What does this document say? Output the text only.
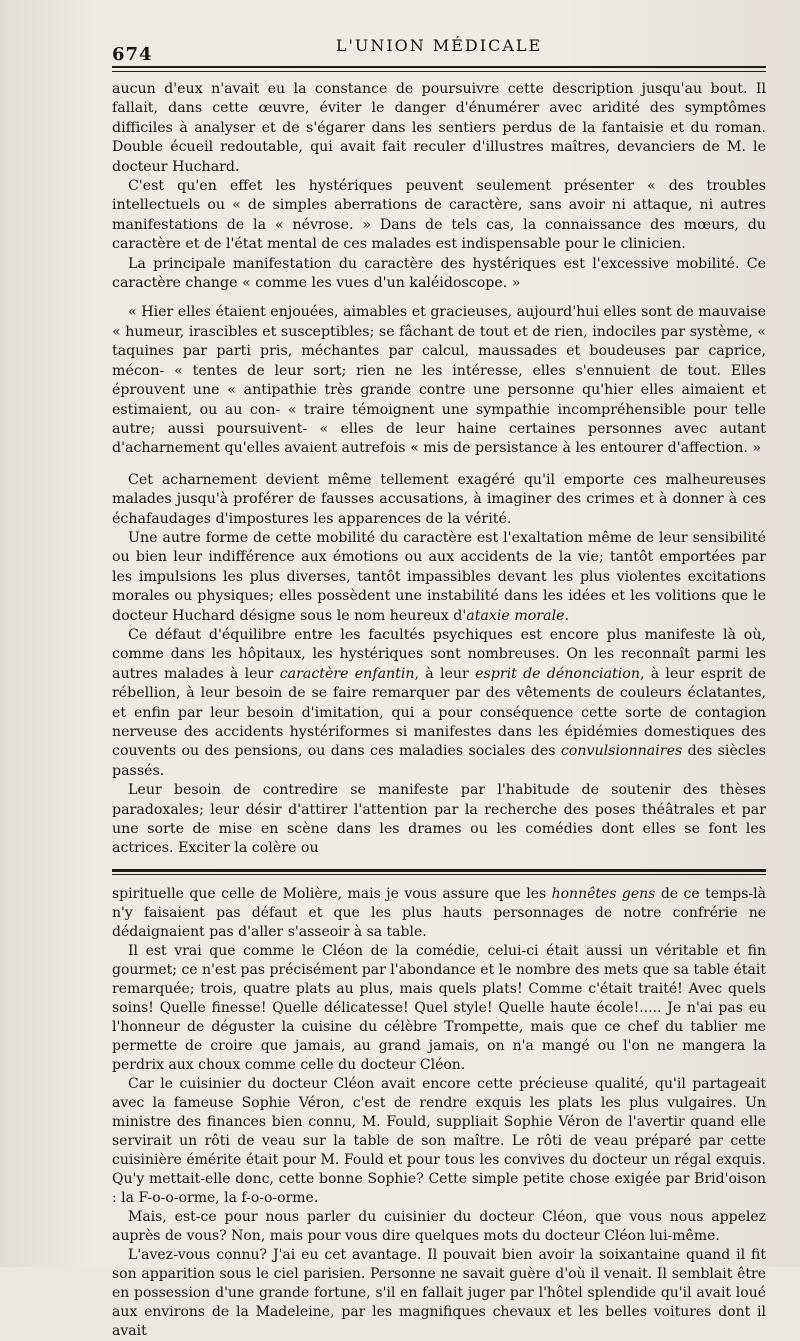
674	L'UNION MÉDICALE

aucun d'eux n'avait eu la constance de poursuivre cette description jusqu'au bout. Il fallait, dans cette œuvre, éviter le danger d'énumérer avec aridité des symptômes difficiles à analyser et de s'égarer dans les sentiers perdus de la fantaisie et du roman. Double écueil redoutable, qui avait fait reculer d'illustres maîtres, devanciers de M. le docteur Huchard.

C'est qu'en effet les hystériques peuvent seulement présenter « des troubles intellectuels ou « de simples aberrations de caractère, sans avoir ni attaque, ni autres manifestations de la « névrose. » Dans de tels cas, la connaissance des mœurs, du caractère et de l'état mental de ces malades est indispensable pour le clinicien.

La principale manifestation du caractère des hystériques est l'excessive mobilité. Ce caractère change « comme les vues d'un kaléidoscope. »

« Hier elles étaient enjouées, aimables et gracieuses, aujourd'hui elles sont de mauvaise « humeur, irascibles et susceptibles; se fâchant de tout et de rien, indociles par système, « taquines par parti pris, méchantes par calcul, maussades et boudeuses par caprice, mécon- « tentes de leur sort; rien ne les intéresse, elles s'ennuient de tout. Elles éprouvent une « antipathie très grande contre une personne qu'hier elles aimaient et estimaient, ou au con- « traire témoignent une sympathie incompréhensible pour telle autre; aussi poursuivent- « elles de leur haine certaines personnes avec autant d'acharnement qu'elles avaient autrefois « mis de persistance à les entourer d'affection. »

Cet acharnement devient même tellement exagéré qu'il emporte ces malheureuses malades jusqu'à proférer de fausses accusations, à imaginer des crimes et à donner à ces échafaudages d'impostures les apparences de la vérité.

Une autre forme de cette mobilité du caractère est l'exaltation même de leur sensibilité ou bien leur indifférence aux émotions ou aux accidents de la vie; tantôt emportées par les impulsions les plus diverses, tantôt impassibles devant les plus violentes excitations morales ou physiques; elles possèdent une instabilité dans les idées et les volitions que le docteur Huchard désigne sous le nom heureux d'ataxie morale.

Ce défaut d'équilibre entre les facultés psychiques est encore plus manifeste là où, comme dans les hôpitaux, les hystériques sont nombreuses. On les reconnaît parmi les autres malades à leur caractère enfantin, à leur esprit de dénonciation, à leur esprit de rébellion, à leur besoin de se faire remarquer par des vêtements de couleurs éclatantes, et enfin par leur besoin d'imitation, qui a pour conséquence cette sorte de contagion nerveuse des accidents hystériformes si manifestes dans les épidémies domestiques des couvents ou des pensions, ou dans ces maladies sociales des convulsionnaires des siècles passés.

Leur besoin de contredire se manifeste par l'habitude de soutenir des thèses paradoxales; leur désir d'attirer l'attention par la recherche des poses théâtrales et par une sorte de mise en scène dans les drames ou les comédies dont elles se font les actrices. Exciter la colère ou

spirituelle que celle de Molière, mais je vous assure que les honnêtes gens de ce temps-là n'y faisaient pas défaut et que les plus hauts personnages de notre confrérie ne dédaignaient pas d'aller s'asseoir à sa table.

Il est vrai que comme le Cléon de la comédie, celui-ci était aussi un véritable et fin gourmet; ce n'est pas précisément par l'abondance et le nombre des mets que sa table était remarquée; trois, quatre plats au plus, mais quels plats! Comme c'était traité! Avec quels soins! Quelle finesse! Quelle délicatesse! Quel style! Quelle haute école!..... Je n'ai pas eu l'honneur de déguster la cuisine du célèbre Trompette, mais que ce chef du tablier me permette de croire que jamais, au grand jamais, on n'a mangé ou l'on ne mangera la perdrix aux choux comme celle du docteur Cléon.

Car le cuisinier du docteur Cléon avait encore cette précieuse qualité, qu'il partageait avec la fameuse Sophie Véron, c'est de rendre exquis les plats les plus vulgaires. Un ministre des finances bien connu, M. Fould, suppliait Sophie Véron de l'avertir quand elle servirait un rôti de veau sur la table de son maître. Le rôti de veau préparé par cette cuisinière émérite était pour M. Fould et pour tous les convives du docteur un régal exquis. Qu'y mettait-elle donc, cette bonne Sophie? Cette simple petite chose exigée par Brid'oison : la F-o-o-orme, la f-o-o-orme.

Mais, est-ce pour nous parler du cuisinier du docteur Cléon, que vous nous appelez auprès de vous? Non, mais pour vous dire quelques mots du docteur Cléon lui-même.

L'avez-vous connu? J'ai eu cet avantage. Il pouvait bien avoir la soixantaine quand il fit son apparition sous le ciel parisien. Personne ne savait guère d'où il venait. Il semblait être en possession d'une grande fortune, s'il en fallait juger par l'hôtel splendide qu'il avait loué aux environs de la Madeleine, par les magnifiques chevaux et les belles voitures dont il avait
